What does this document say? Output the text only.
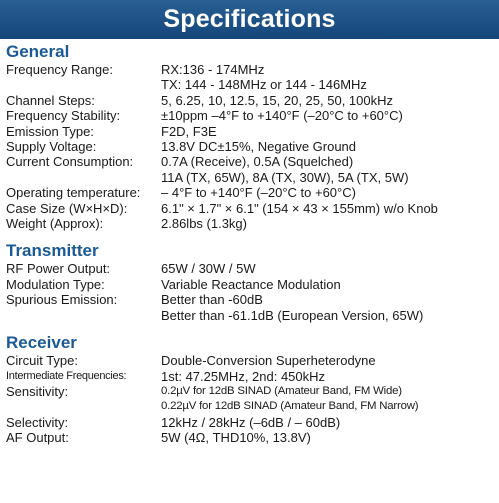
Specifications
General
Frequency Range:	RX:136 - 174MHz
TX: 144 - 148MHz or 144 - 146MHz
Channel Steps:	5, 6.25, 10, 12.5, 15, 20, 25, 50, 100kHz
Frequency Stability:	±10ppm –4°F to +140°F (–20°C to +60°C)
Emission Type:	F2D, F3E
Supply Voltage:	13.8V DC±15%, Negative Ground
Current Consumption:	0.7A (Receive), 0.5A (Squelched)
11A (TX, 65W), 8A (TX, 30W), 5A (TX, 5W)
Operating temperature:	– 4°F to +140°F (–20°C to +60°C)
Case Size (W×H×D):	6.1" × 1.7" × 6.1" (154 × 43 × 155mm) w/o Knob
Weight (Approx):	2.86lbs (1.3kg)
Transmitter
RF Power Output:	65W / 30W / 5W
Modulation Type:	Variable Reactance Modulation
Spurious Emission:	Better than -60dB
Better than -61.1dB (European Version, 65W)
Receiver
Circuit Type:	Double-Conversion Superheterodyne
Intermediate Frequencies:	1st: 47.25MHz, 2nd: 450kHz
Sensitivity:	0.2µV for 12dB SINAD (Amateur Band, FM Wide)
0.22µV for 12dB SINAD (Amateur Band, FM Narrow)
Selectivity:	12kHz / 28kHz (–6dB / – 60dB)
AF Output:	5W (4Ω, THD10%, 13.8V)
